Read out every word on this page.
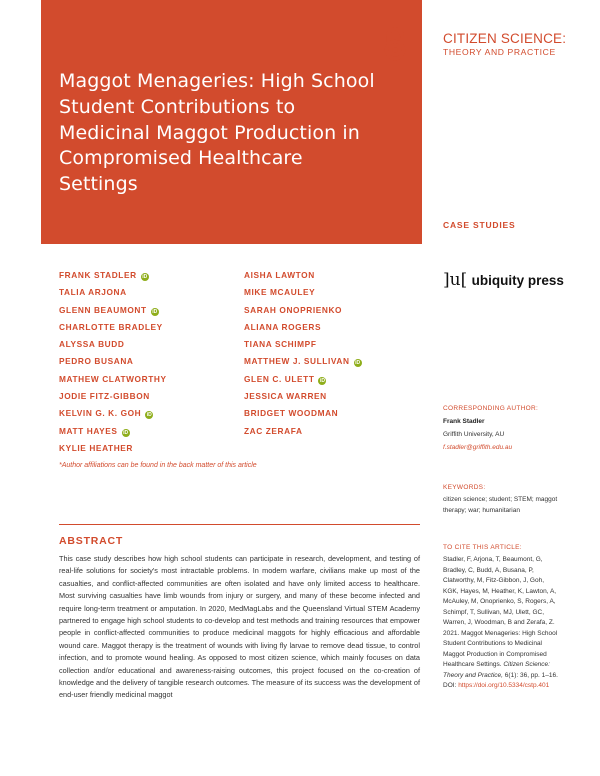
Maggot Menageries: High School Student Contributions to Medicinal Maggot Production in Compromised Healthcare Settings
CITIZEN SCIENCE:
THEORY AND PRACTICE
CASE STUDIES
FRANK STADLER iD
TALIA ARJONA
GLENN BEAUMONT iD
CHARLOTTE BRADLEY
ALYSSA BUDD
PEDRO BUSANA
MATHEW CLATWORTHY
JODIE FITZ-GIBBON
KELVIN G. K. GOH iD
MATT HAYES iD
KYLIE HEATHER
AISHA LAWTON
MIKE MCAULEY
SARAH ONOPRIENKO
ALIANA ROGERS
TIANA SCHIMPF
MATTHEW J. SULLIVAN iD
GLEN C. ULETT iD
JESSICA WARREN
BRIDGET WOODMAN
ZAC ZERAFA
*Author affiliations can be found in the back matter of this article
]u[ ubiquity press
ABSTRACT

This case study describes how high school students can participate in research, development, and testing of real-life solutions for society's most intractable problems. In modern warfare, civilians make up most of the casualties, and conflict-affected communities are often isolated and have only limited access to healthcare. Most surviving casualties have limb wounds from injury or surgery, and many of these become infected and require long-term treatment or amputation. In 2020, MedMagLabs and the Queensland Virtual STEM Academy partnered to engage high school students to co-develop and test methods and training resources that empower people in conflict-affected communities to produce medicinal maggots for highly efficacious and affordable wound care. Maggot therapy is the treatment of wounds with living fly larvae to remove dead tissue, to control infection, and to promote wound healing. As opposed to most citizen science, which mainly focuses on data collection and/or educational and awareness-raising outcomes, this project focused on the co-creation of knowledge and the delivery of tangible research outcomes. The measure of its success was the development of end-user friendly medicinal maggot

CORRESPONDING AUTHOR:
Frank Stadler
Griffith University, AU
f.stadler@griffith.edu.au
KEYWORDS:

citizen science; student; STEM; maggot therapy; war; humanitarian

TO CITE THIS ARTICLE:

Stadler, F, Arjona, T, Beaumont, G, Bradley, C, Budd, A, Busana, P, Clatworthy, M, Fitz-Gibbon, J, Goh, KGK, Hayes, M, Heather, K, Lawton, A, McAuley, M, Onoprienko, S, Rogers, A, Schimpf, T, Sullivan, MJ, Ulett, GC, Warren, J, Woodman, B and Zerafa, Z. 2021. Maggot Menageries: High School Student Contributions to Medicinal Maggot Production in Compromised Healthcare Settings. Citizen Science: Theory and Practice, 6(1): 36, pp. 1–16. DOI: https://doi.org/10.5334/cstp.401
